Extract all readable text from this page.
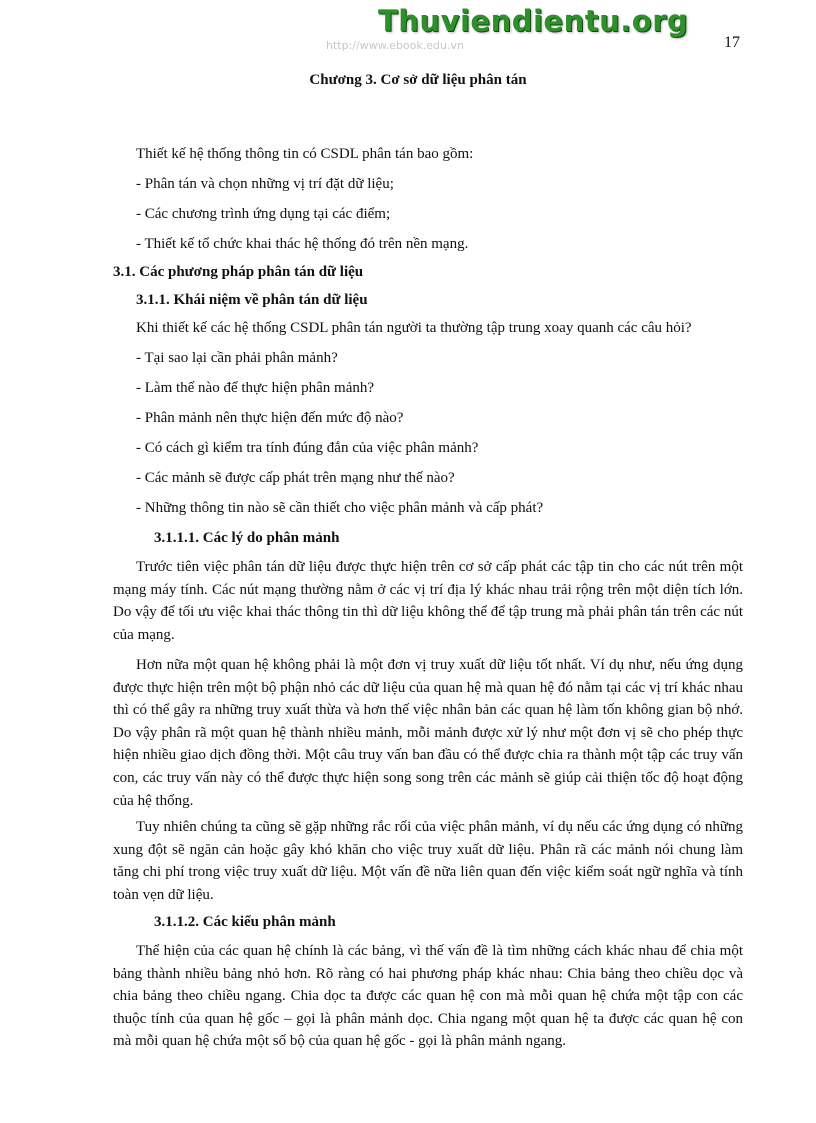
Thuviendientu.org
http://www.ebook.edu.vn	17
Chương 3. Cơ sở dữ liệu phân tán
Thiết kế hệ thống thông tin có CSDL phân tán bao gồm:
- Phân tán và chọn những vị trí đặt dữ liệu;
- Các chương trình ứng dụng tại các điểm;
- Thiết kế tổ chức khai thác hệ thống đó trên nền mạng.
3.1. Các phương pháp phân tán dữ liệu
3.1.1. Khái niệm về phân tán dữ liệu
Khi thiết kế các hệ thống CSDL phân tán người ta thường tập trung xoay quanh các câu hỏi?
- Tại sao lại cần phải phân mảnh?
- Làm thế nào để thực hiện phân mảnh?
- Phân mảnh nên thực hiện đến mức độ nào?
- Có cách gì kiểm tra tính đúng đắn của việc phân mảnh?
- Các mảnh sẽ được cấp phát trên mạng như thế nào?
- Những thông tin nào sẽ cần thiết cho việc phân mảnh và cấp phát?
3.1.1.1. Các lý do phân mảnh
Trước tiên việc phân tán dữ liệu được thực hiện trên cơ sở cấp phát các tập tin cho các nút trên một mạng máy tính. Các nút mạng thường nằm ở các vị trí địa lý khác nhau trải rộng trên một diện tích lớn. Do vậy để tối ưu việc khai thác thông tin thì dữ liệu không thể để tập trung mà phải phân tán trên các nút của mạng.
Hơn nữa một quan hệ không phải là một đơn vị truy xuất dữ liệu tốt nhất. Ví dụ như, nếu ứng dụng được thực hiện trên một bộ phận nhỏ các dữ liệu của quan hệ mà quan hệ đó nằm tại các vị trí khác nhau thì có thể gây ra những truy xuất thừa và hơn thế việc nhân bản các quan hệ làm tốn không gian bộ nhớ. Do vậy phân rã một quan hệ thành nhiều mảnh, mỗi mảnh được xử lý như một đơn vị sẽ cho phép thực hiện nhiều giao dịch đồng thời. Một câu truy vấn ban đầu có thể được chia ra thành một tập các truy vấn con, các truy vấn này có thể được thực hiện song song trên các mảnh sẽ giúp cải thiện tốc độ hoạt động của hệ thống.
Tuy nhiên chúng ta cũng sẽ gặp những rắc rối của việc phân mảnh, ví dụ nếu các ứng dụng có những xung đột sẽ ngăn cản hoặc gây khó khăn cho việc truy xuất dữ liệu. Phân rã các mảnh nói chung làm tăng chi phí trong việc truy xuất dữ liệu. Một vấn đề nữa liên quan đến việc kiểm soát ngữ nghĩa và tính toàn vẹn dữ liệu.
3.1.1.2. Các kiểu phân mảnh
Thể hiện của các quan hệ chính là các bảng, vì thế vấn đề là tìm những cách khác nhau để chia một bảng thành nhiều bảng nhỏ hơn. Rõ ràng có hai phương pháp khác nhau: Chia bảng theo chiều dọc và chia bảng theo chiều ngang. Chia dọc ta được các quan hệ con mà mỗi quan hệ chứa một tập con các thuộc tính của quan hệ gốc – gọi là phân mảnh dọc. Chia ngang một quan hệ ta được các quan hệ con mà mỗi quan hệ chứa một số bộ của quan hệ gốc - gọi là phân mảnh ngang.
